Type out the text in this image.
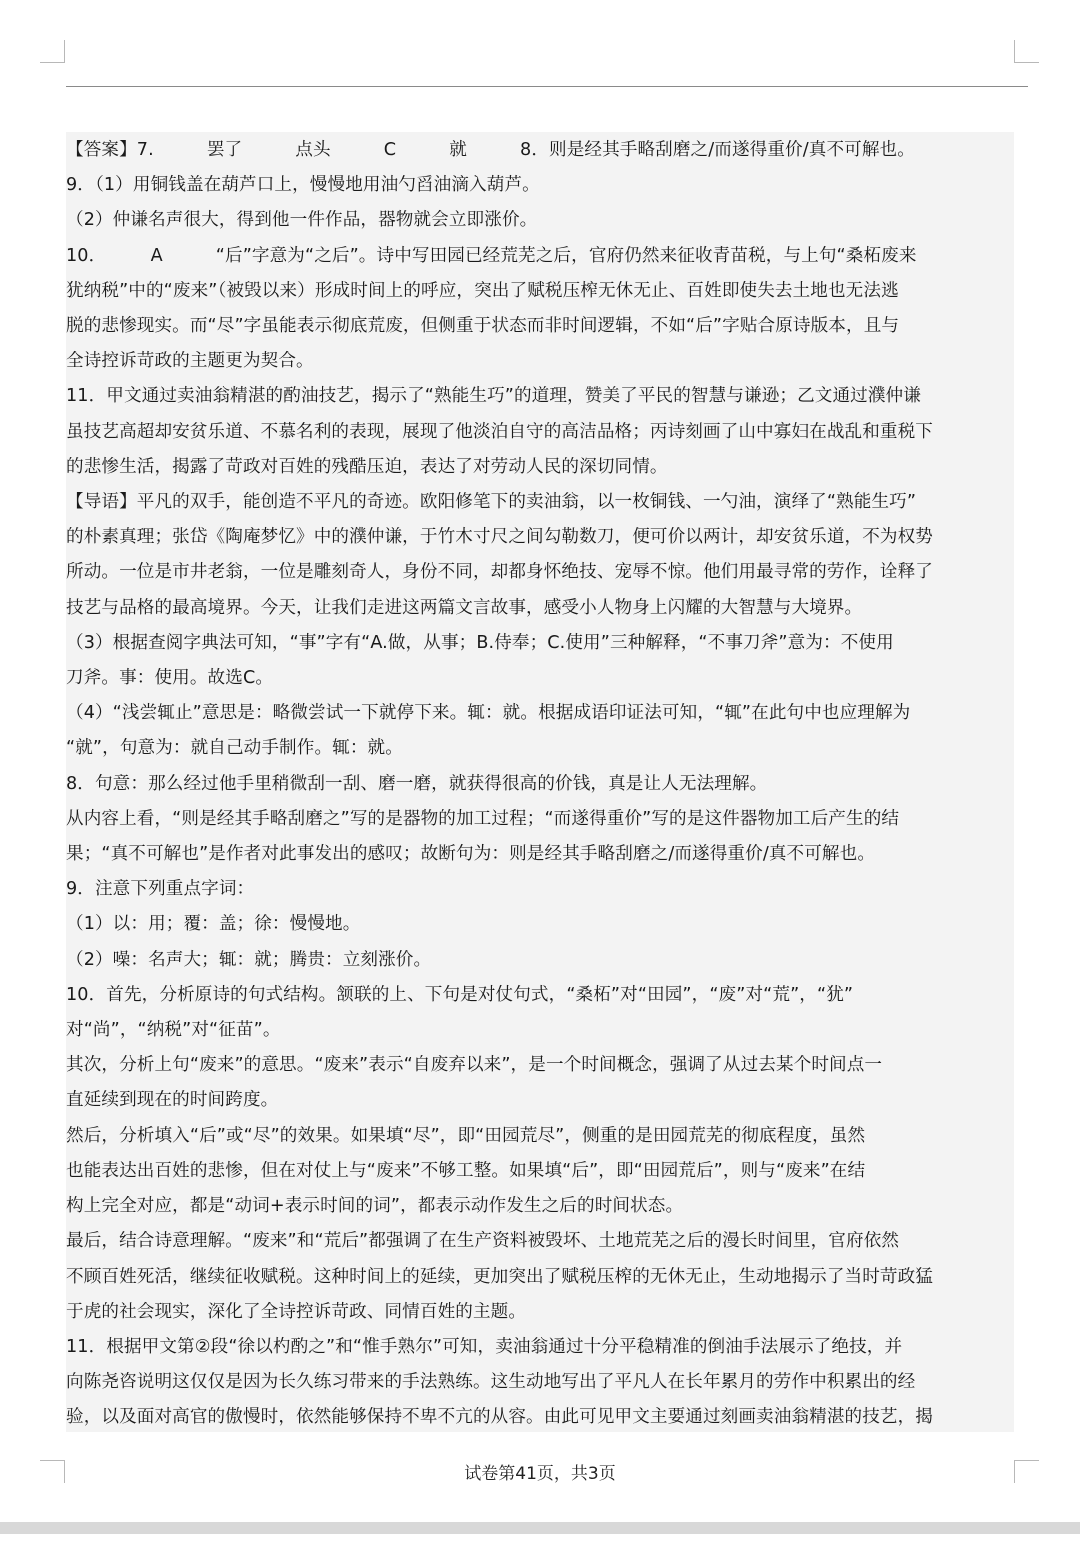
【答案】7.　　　罢了　　　点头　　　C　　　就　　　8．则是经其手略刮磨之/而遂得重价/真不可解也。

9．（1）用铜钱盖在葫芦口上，慢慢地用油勺舀油滴入葫芦。

（2）仲谦名声很大，得到他一件作品，器物就会立即涨价。

10．　　　A　　　“后”字意为“之后”。诗中写田园已经荒芜之后，官府仍然来征收青苗税，与上句“桑柘废来

犹纳税”中的“废来”（被毁以来）形成时间上的呼应，突出了赋税压榨无休无止、百姓即使失去土地也无法逃

脱的悲惨现实。而“尽”字虽能表示彻底荒废，但侧重于状态而非时间逻辑，不如“后”字贴合原诗版本，且与

全诗控诉苛政的主题更为契合。

11．甲文通过卖油翁精湛的酌油技艺，揭示了“熟能生巧”的道理，赞美了平民的智慧与谦逊；乙文通过濮仲谦

虽技艺高超却安贫乐道、不慕名利的表现，展现了他淡泊自守的高洁品格；丙诗刻画了山中寡妇在战乱和重税下

的悲惨生活，揭露了苛政对百姓的残酷压迫，表达了对劳动人民的深切同情。

【导语】平凡的双手，能创造不平凡的奇迹。欧阳修笔下的卖油翁，以一枚铜钱、一勺油，演绎了“熟能生巧”

的朴素真理；张岱《陶庵梦忆》中的濮仲谦，于竹木寸尺之间勾勒数刀，便可价以两计，却安贫乐道，不为权势

所动。一位是市井老翁，一位是雕刻奇人，身份不同，却都身怀绝技、宠辱不惊。他们用最寻常的劳作，诠释了

技艺与品格的最高境界。今天，让我们走进这两篇文言故事，感受小人物身上闪耀的大智慧与大境界。

（3）根据查阅字典法可知，“事”字有“A.做，从事；B.侍奉；C.使用”三种解释，“不事刀斧”意为：不使用

刀斧。事：使用。故选C。

（4）“浅尝辄止”意思是：略微尝试一下就停下来。辄：就。根据成语印证法可知，“辄”在此句中也应理解为

“就”，句意为：就自己动手制作。辄：就。

8．句意：那么经过他手里稍微刮一刮、磨一磨，就获得很高的价钱，真是让人无法理解。

从内容上看，“则是经其手略刮磨之”写的是器物的加工过程；“而遂得重价”写的是这件器物加工后产生的结

果；“真不可解也”是作者对此事发出的感叹；故断句为：则是经其手略刮磨之/而遂得重价/真不可解也。

9．注意下列重点字词：

（1）以：用；覆：盖；徐：慢慢地。

（2）噪：名声大；辄：就；腾贵：立刻涨价。

10．首先，分析原诗的句式结构。颔联的上、下句是对仗句式，“桑柘”对“田园”，“废”对“荒”，“犹”

对“尚”，“纳税”对“征苗”。

其次，分析上句“废来”的意思。“废来”表示“自废弃以来”，是一个时间概念，强调了从过去某个时间点一

直延续到现在的时间跨度。

然后，分析填入“后”或“尽”的效果。如果填“尽”，即“田园荒尽”，侧重的是田园荒芜的彻底程度，虽然

也能表达出百姓的悲惨，但在对仗上与“废来”不够工整。如果填“后”，即“田园荒后”，则与“废来”在结

构上完全对应，都是“动词+表示时间的词”，都表示动作发生之后的时间状态。

最后，结合诗意理解。“废来”和“荒后”都强调了在生产资料被毁坏、土地荒芜之后的漫长时间里，官府依然

不顾百姓死活，继续征收赋税。这种时间上的延续，更加突出了赋税压榨的无休无止，生动地揭示了当时苛政猛

于虎的社会现实，深化了全诗控诉苛政、同情百姓的主题。

11．根据甲文第②段“徐以杓酌之”和“惟手熟尔”可知，卖油翁通过十分平稳精准的倒油手法展示了绝技，并

向陈尧咨说明这仅仅是因为长久练习带来的手法熟练。这生动地写出了平凡人在长年累月的劳作中积累出的经

验，以及面对高官的傲慢时，依然能够保持不卑不亢的从容。由此可见甲文主要通过刻画卖油翁精湛的技艺，揭

试卷第41页，共3页
